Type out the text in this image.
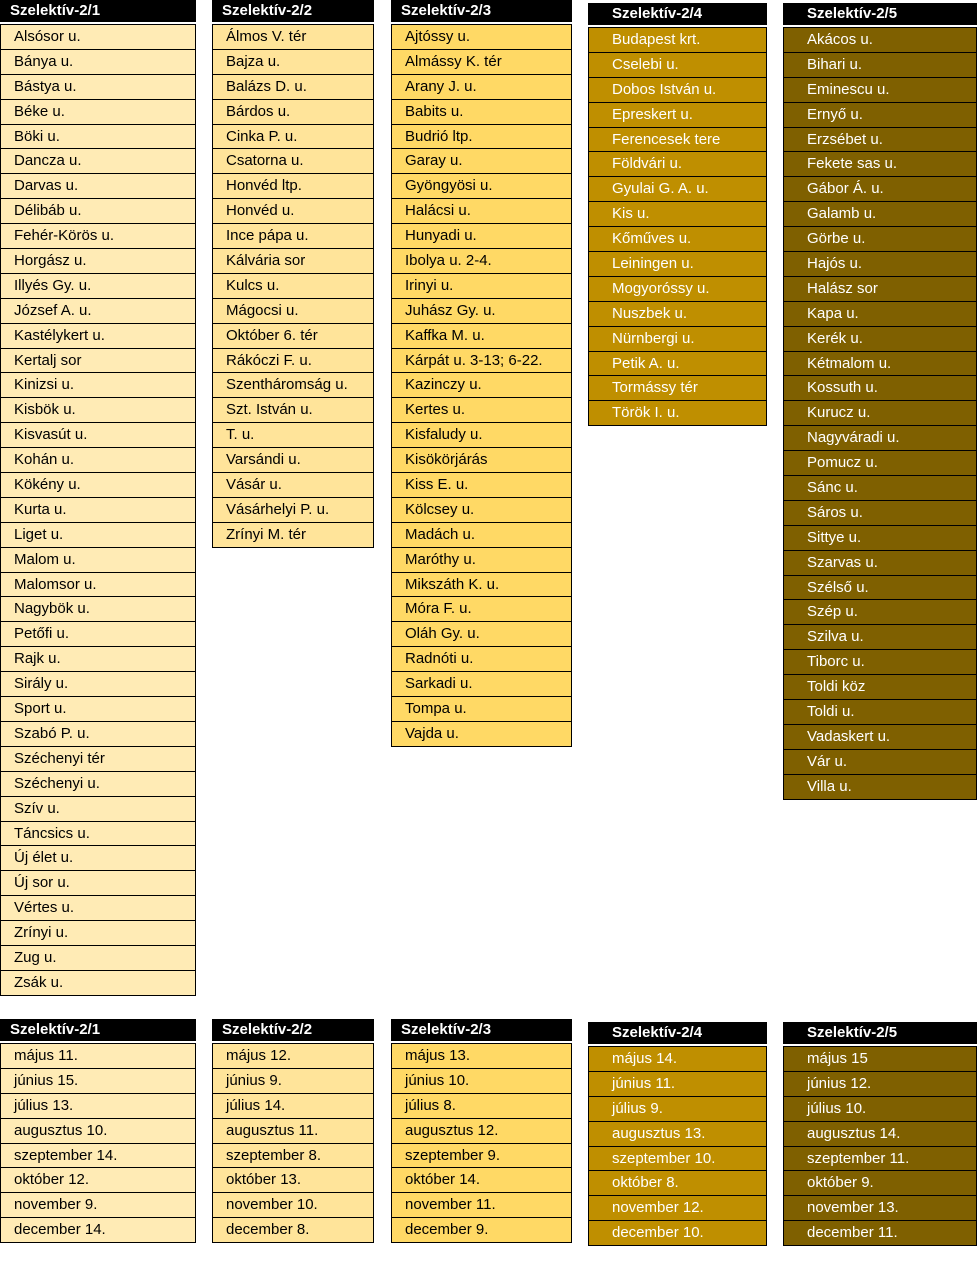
Szelektív-2/1
Alsósor u.
Bánya u.
Bástya u.
Béke u.
Böki u.
Dancza u.
Darvas u.
Délibáb u.
Fehér-Körös u.
Horgász u.
Illyés Gy. u.
József A. u.
Kastélykert u.
Kertalj sor
Kinizsi u.
Kisbök u.
Kisvasút u.
Kohán u.
Kökény u.
Kurta u.
Liget u.
Malom u.
Malomsor u.
Nagybök u.
Petőfi u.
Rajk u.
Sirály u.
Sport u.
Szabó P. u.
Széchenyi tér
Széchenyi u.
Szív u.
Táncsics u.
Új élet u.
Új sor u.
Vértes u.
Zrínyi u.
Zug u.
Zsák u.
Szelektív-2/2
Álmos V. tér
Bajza u.
Balázs D. u.
Bárdos u.
Cinka P. u.
Csatorna u.
Honvéd ltp.
Honvéd u.
Ince pápa u.
Kálvária sor
Kulcs u.
Mágocsi u.
Október 6. tér
Rákóczi F. u.
Szentháromság u.
Szt. István u.
T. u.
Varsándi u.
Vásár u.
Vásárhelyi P. u.
Zrínyi M. tér
Szelektív-2/3
Ajtóssy u.
Almássy K. tér
Arany J. u.
Babits u.
Budrió ltp.
Garay u.
Gyöngyösi u.
Halácsi u.
Hunyadi u.
Ibolya u. 2-4.
Irinyi u.
Juhász Gy. u.
Kaffka M. u.
Kárpát u. 3-13; 6-22.
Kazinczy u.
Kertes u.
Kisfaludy u.
Kisökörjárás
Kiss E. u.
Kölcsey u.
Madách u.
Maróthy u.
Mikszáth K. u.
Móra F. u.
Oláh Gy. u.
Radnóti u.
Sarkadi u.
Tompa u.
Vajda u.
Szelektív-2/4
Budapest krt.
Cselebi u.
Dobos István u.
Epreskert u.
Ferencesek tere
Földvári u.
Gyulai G. A. u.
Kis u.
Kőműves u.
Leiningen u.
Mogyoróssy u.
Nuszbek u.
Nürnbergi u.
Petik A. u.
Tormássy tér
Török I. u.
Szelektív-2/5
Akácos u.
Bihari u.
Eminescu u.
Ernyő u.
Erzsébet u.
Fekete sas u.
Gábor Á. u.
Galamb u.
Görbe u.
Hajós u.
Halász sor
Kapa u.
Kerék u.
Kétmalom u.
Kossuth u.
Kurucz u.
Nagyváradi u.
Pomucz u.
Sánc u.
Sáros u.
Sittye u.
Szarvas u.
Szélső u.
Szép u.
Szilva u.
Tiborc u.
Toldi köz
Toldi u.
Vadaskert u.
Vár u.
Villa u.
Szelektív-2/1
május 11.
június 15.
július 13.
augusztus 10.
szeptember 14.
október 12.
november 9.
december 14.
Szelektív-2/2
május 12.
június 9.
július 14.
augusztus 11.
szeptember 8.
október 13.
november 10.
december 8.
Szelektív-2/3
május 13.
június 10.
július 8.
augusztus 12.
szeptember 9.
október 14.
november 11.
december 9.
Szelektív-2/4
május 14.
június 11.
július 9.
augusztus 13.
szeptember 10.
október 8.
november 12.
december 10.
Szelektív-2/5
május 15
június 12.
július 10.
augusztus 14.
szeptember 11.
október 9.
november 13.
december 11.
